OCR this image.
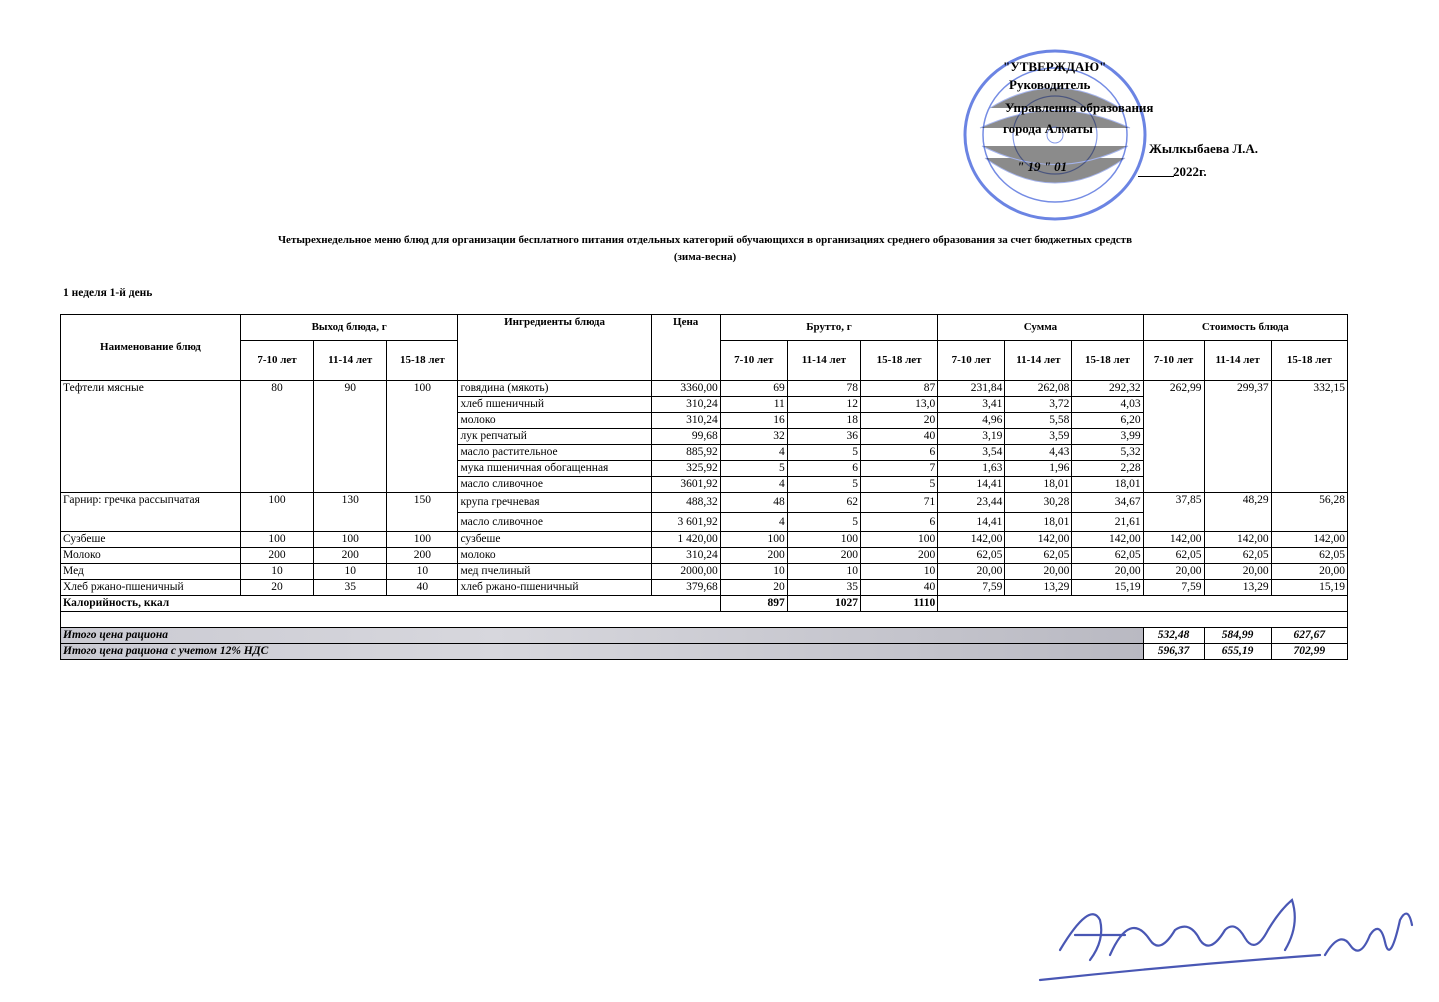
"УТВЕРЖДАЮ"
Руководитель
Управления образования
города Алматы
Жылкыбаева Л.А.
" 19 " 01	2022г.
Четырехнедельное меню блюд для организации бесплатного питания отдельных категорий обучающихся в организациях среднего образования за счет бюджетных средств
(зима-весна)
1 неделя 1-й день
Наименование блюд	Выход блюда, г			Ингредиенты блюда	Цена	Брутто, г			Сумма			Стоимость блюда		
	7-10 лет	11-14 лет	15-18 лет			7-10 лет	11-14 лет	15-18 лет	7-10 лет	11-14 лет	15-18 лет	7-10 лет	11-14 лет	15-18 лет
Тефтели мясные	80	90	100	говядина (мякоть)	3360,00	69	78	87	231,84	262,08	292,32	262,99	299,37	332,15
				хлеб пшеничный	310,24	11	12	13,0	3,41	3,72	4,03			
				молоко	310,24	16	18	20	4,96	5,58	6,20			
				лук репчатый	99,68	32	36	40	3,19	3,59	3,99			
				масло растительное	885,92	4	5	6	3,54	4,43	5,32			
				мука пшеничная обогащенная	325,92	5	6	7	1,63	1,96	2,28			
				масло сливочное	3601,92	4	5	5	14,41	18,01	18,01			
Гарнир: гречка рассыпчатая	100	130	150	крупа гречневая	488,32	48	62	71	23,44	30,28	34,67	37,85	48,29	56,28
				масло сливочное	3 601,92	4	5	6	14,41	18,01	21,61			
Сузбеше	100	100	100	сузбеше	1 420,00	100	100	100	142,00	142,00	142,00	142,00	142,00	142,00
Молоко	200	200	200	молоко	310,24	200	200	200	62,05	62,05	62,05	62,05	62,05	62,05
Мед	10	10	10	мед пчелиный	2000,00	10	10	10	20,00	20,00	20,00	20,00	20,00	20,00
Хлеб ржано-пшеничный	20	35	40	хлеб ржано-пшеничный	379,68	20	35	40	7,59	13,29	15,19	7,59	13,29	15,19
Калорийность, ккал						897	1027	1110						

Итого цена рациона												532,48	584,99	627,67
Итого цена рациона с учетом 12% НДС												596,37	655,19	702,99
